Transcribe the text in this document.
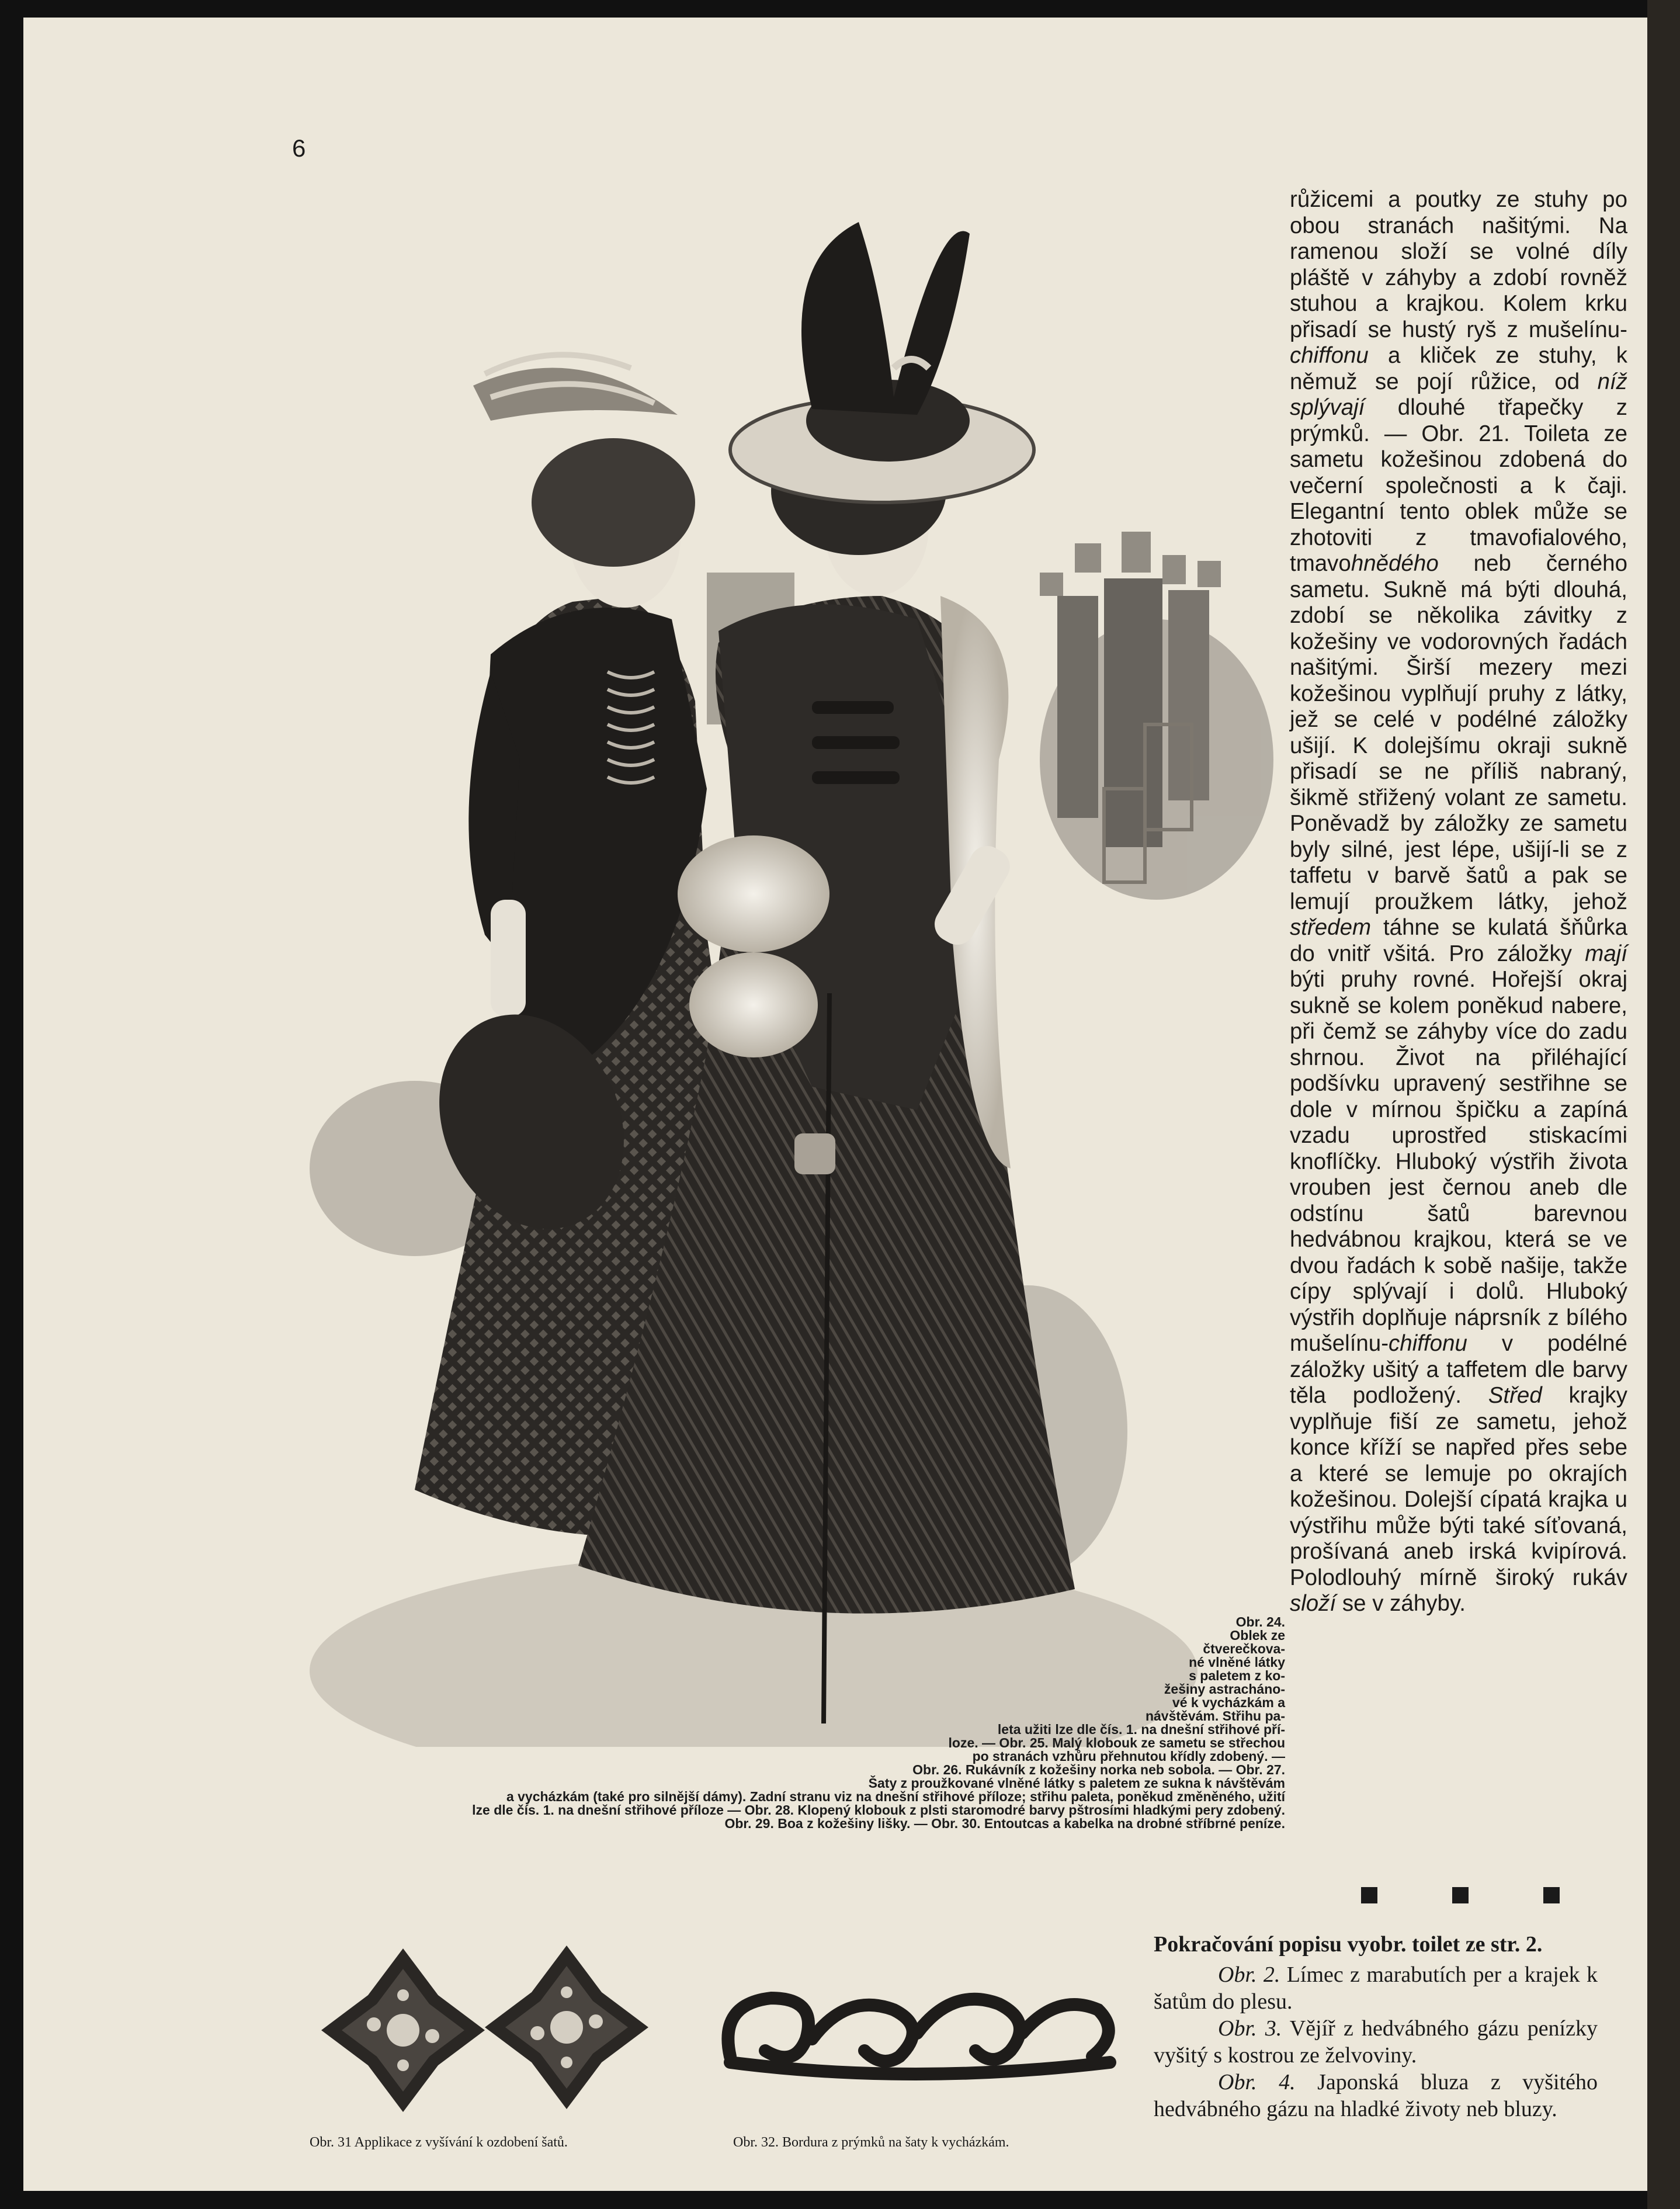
6
růžicemi a poutky ze stuhy po obou stranách našitými. Na ramenou složí se volné díly pláště v záhyby a zdobí rovněž stuhou a krajkou. Kolem krku přisadí se hustý ryš z mušelínu-chiffonu a kliček ze stuhy, k němuž se pojí růžice, od níž splývají dlouhé třapečky z prýmků. — Obr. 21. Toileta ze sametu kožešinou zdobená do večerní společnosti a k čaji. Elegantní tento oblek může se zhotoviti z tmavofialového, tmavohnědého neb černého sametu. Sukně má býti dlouhá, zdobí se několika závitky z kožešiny ve vodorovných řadách našitými. Širší mezery mezi kožešinou vyplňují pruhy z látky, jež se celé v podélné záložky ušijí. K dolejšímu okraji sukně přisadí se ne příliš nabraný, šikmě střižený volant ze sametu. Poněvadž by záložky ze sametu byly silné, jest lépe, ušijí-li se z taffetu v barvě šatů a pak se lemují proužkem látky, jehož středem táhne se kulatá šňůrka do vnitř všitá. Pro záložky mají býti pruhy rovné. Hořejší okraj sukně se kolem poněkud nabere, při čemž se záhyby více do zadu shrnou. Život na přiléhající podšívku upravený sestřihne se dole v mírnou špičku a zapíná vzadu uprostřed stiskacími knoflíčky. Hluboký výstřih života vrouben jest černou aneb dle odstínu šatů barevnou hedvábnou krajkou, která se ve dvou řadách k sobě našije, takže cípy splývají i dolů. Hluboký výstřih doplňuje náprsník z bílého mušelínu-chiffonu v podélné záložky ušitý a taffetem dle barvy těla podložený. Střed krajky vyplňuje fiší ze sametu, jehož konce kříží se napřed přes sebe a které se lemuje po okrajích kožešinou. Dolejší cípatá krajka u výstřihu může býti také síťovaná, prošívaná aneb irská kvipírová. Polodlouhý mírně široký rukáv složí se v záhyby.
Obr. 24.
Oblek ze
čtverečkova-
né vlněné látky
s paletem z ko-
žešiny astracháno-
vé k vycházkám a
návštěvám. Střihu pa-
leta užiti lze dle čís. 1. na dnešní střihové pří-
loze. — Obr. 25. Malý klobouk ze sametu se střechou
po stranách vzhůru přehnutou křídly zdobený. —
Obr. 26. Rukávník z kožešiny norka neb sobola. — Obr. 27.
Šaty z proužkované vlněné látky s paletem ze sukna k návštěvám
a vycházkám (také pro silnější dámy). Zadní stranu viz na dnešní střihové příloze; střihu paleta, poněkud změněného, užití
lze dle čís. 1. na dnešní střihové příloze — Obr. 28. Klopený klobouk z plsti staromodré barvy pštrosími hladkými pery zdobený.
Obr. 29. Boa z kožešiny lišky. — Obr. 30. Entoutcas a kabelka na drobné stříbrné peníze.
Pokračování popisu vyobr. toilet ze str. 2.

Obr. 2. Límec z marabutích per a krajek k šatům do plesu.

Obr. 3. Vějíř z hedvábného gázu penízky vyšitý s kostrou ze želvoviny.

Obr. 4. Japonská bluza z vyšitého hedvábného gázu na hladké životy neb bluzy.

Obr. 31 Applikace z vyšívání k ozdobení šatů.	Obr. 32. Bordura z prýmků na šaty k vycházkám.
